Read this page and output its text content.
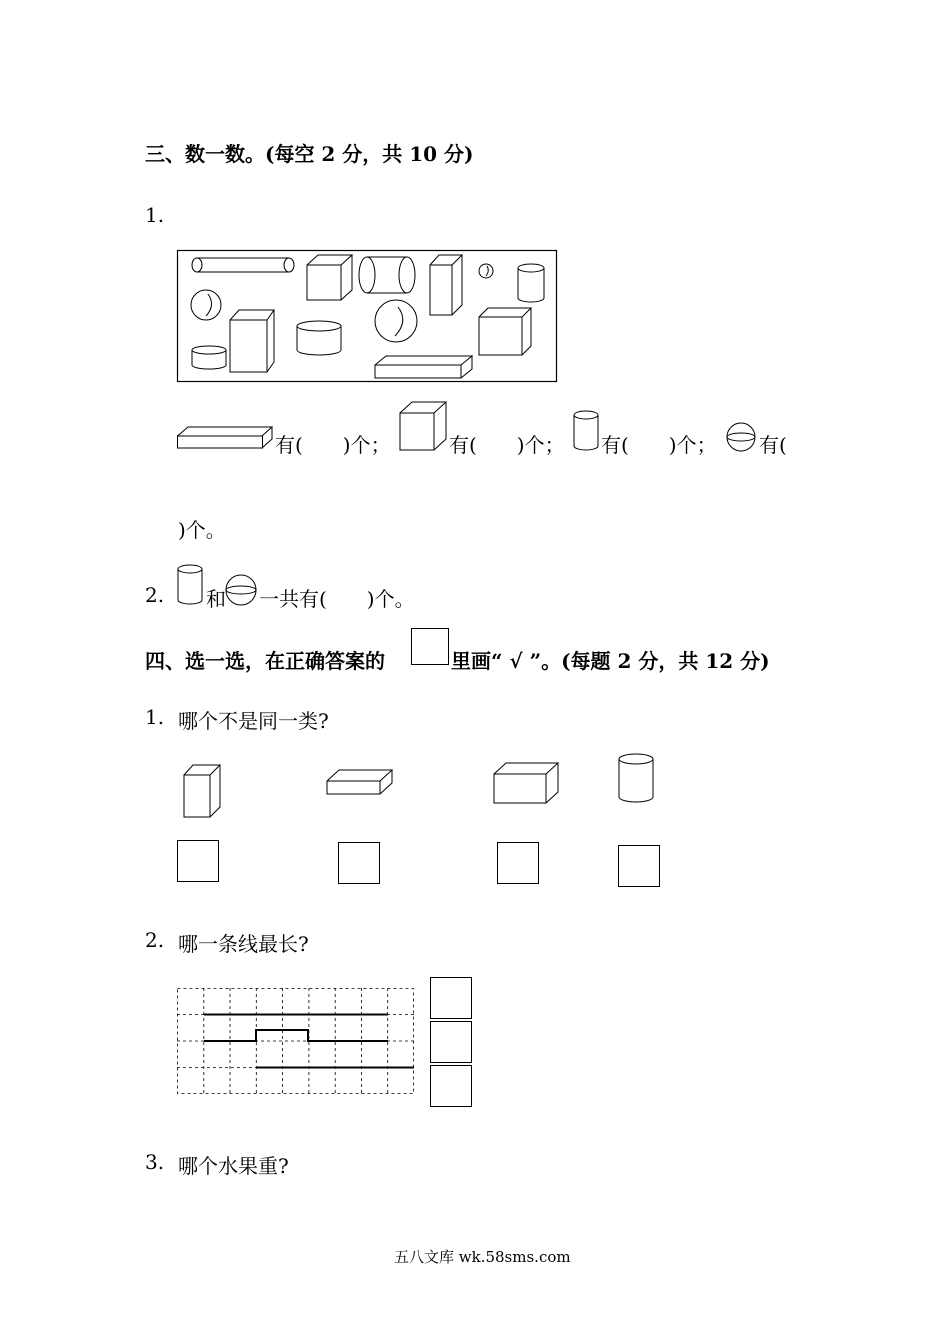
三、数一数。(每空 2 分，共 10 分)
1.
有(　　)个；	有(　　)个； 有(　　)个； 有(
)个。
2. 和 一共有(　　)个。
四、选一选，在正确答案的	里画“ √ ”。(每题 2 分，共 12 分)
1. 哪个不是同一类?
2. 哪一条线最长?
3. 哪个水果重?
五八文库 wk.58sms.com
